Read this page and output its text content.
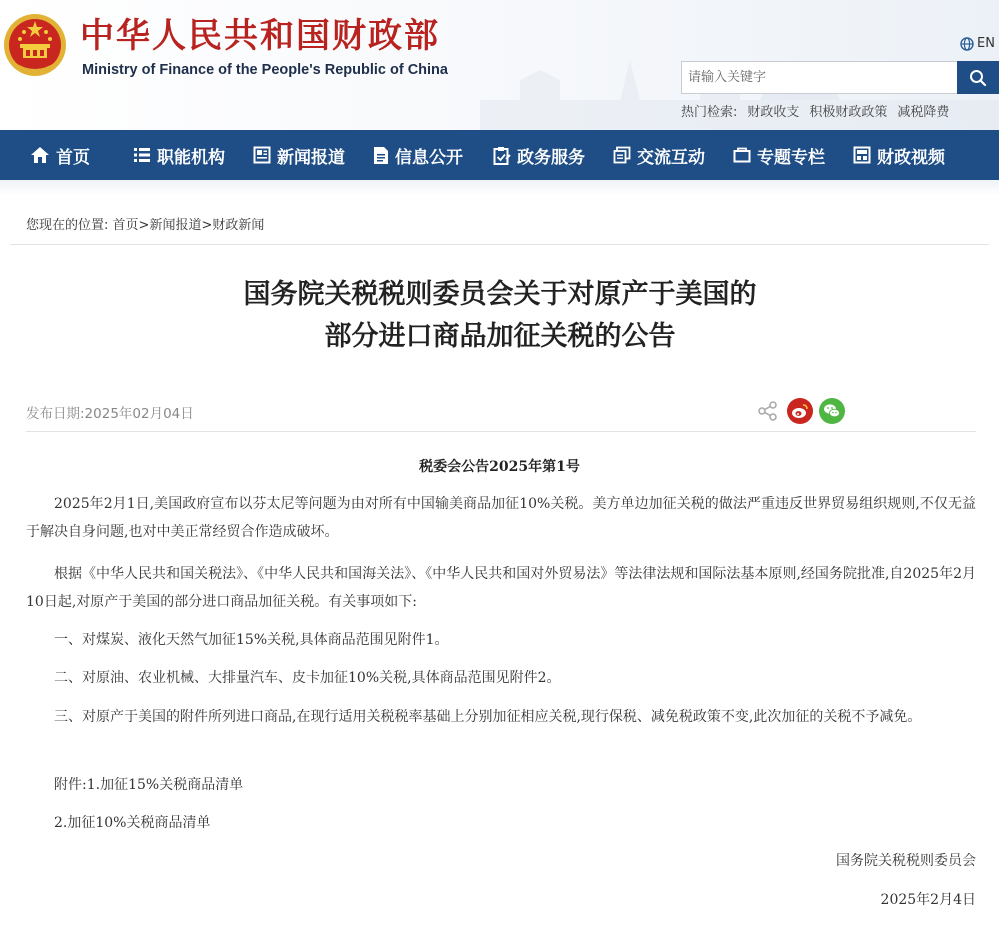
中华人民共和国财政部
Ministry of Finance of the People's Republic of China
EN
请输入关键字
热门检索: 财政收支 积极财政政策 减税降费
首页	职能机构	新闻报道	信息公开	政务服务	交流互动	专题专栏	财政视频
您现在的位置: 首页>新闻报道>财政新闻
国务院关税税则委员会关于对原产于美国的
部分进口商品加征关税的公告
发布日期:2025年02月04日
税委会公告2025年第1号

2025年2月1日,美国政府宣布以芬太尼等问题为由对所有中国输美商品加征10%关税。美方单边加征关税的做法严重违反世界贸易组织规则,不仅无益于解决自身问题,也对中美正常经贸合作造成破坏。

根据《中华人民共和国关税法》、《中华人民共和国海关法》、《中华人民共和国对外贸易法》等法律法规和国际法基本原则,经国务院批准,自2025年2月10日起,对原产于美国的部分进口商品加征关税。有关事项如下:

一、对煤炭、液化天然气加征15%关税,具体商品范围见附件1。

二、对原油、农业机械、大排量汽车、皮卡加征10%关税,具体商品范围见附件2。

三、对原产于美国的附件所列进口商品,在现行适用关税税率基础上分别加征相应关税,现行保税、减免税政策不变,此次加征的关税不予减免。

附件:1.加征15%关税商品清单

2.加征10%关税商品清单

国务院关税税则委员会

2025年2月4日
